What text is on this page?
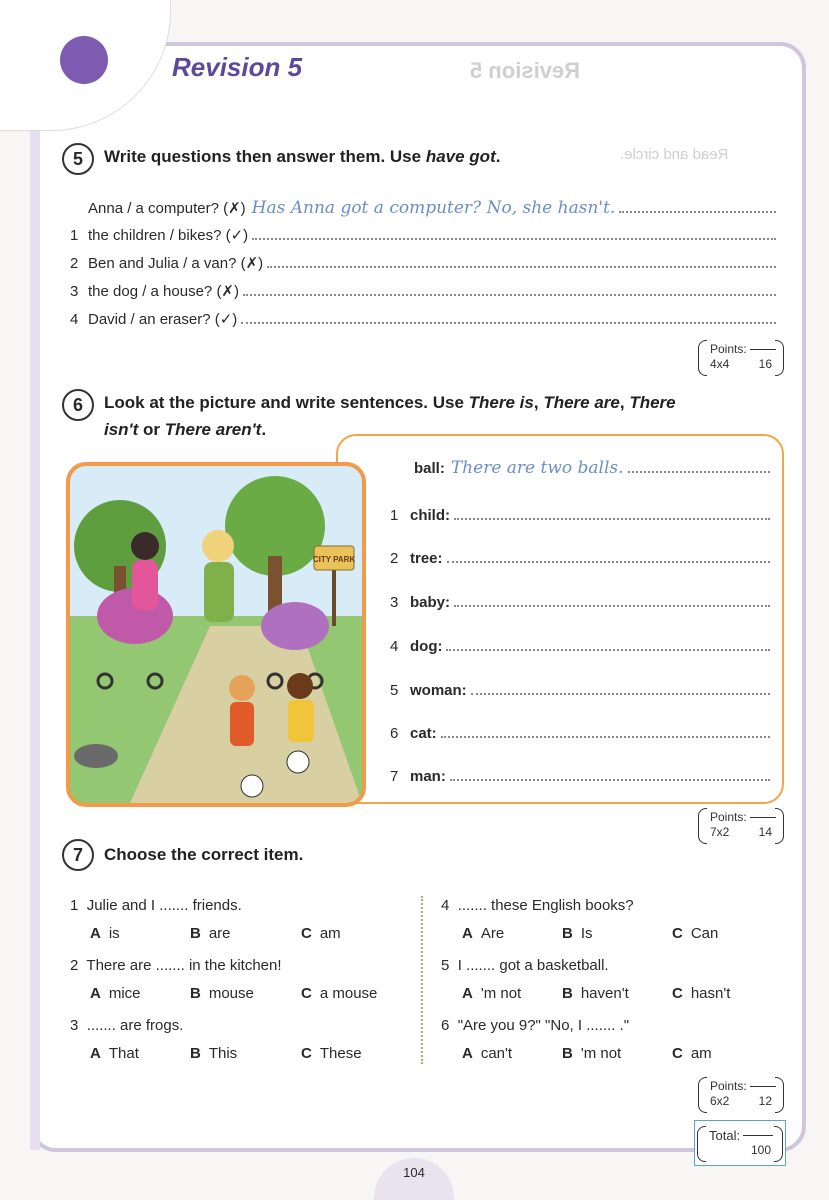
Revision 5	Revision 5
Read and circle.
5	Write questions then answer them. Use have got.
Anna / a computer? (✗) Has Anna got a computer? No, she hasn't.
1 the children / bikes? (✓)
2 Ben and Julia / a van? (✗)
3 the dog / a house? (✗)
4 David / an eraser? (✓)
Points:
4x4 16
6	Look at the picture and write sentences. Use There is, There are, There
isn't or There aren't.
ball: There are two balls.
1 child:
2 tree:
3 baby:
4 dog:
5 woman:
6 cat:
7 man:
CITY PARK
Points:
7x2 14
7	Choose the correct item.
1 Julie and I ....... friends.
A is	B are	C am
2 There are ....... in the kitchen!
A mice	B mouse	C a mouse
3 ....... are frogs.
A That	B This	C These
4 ....... these English books?
A Are	B Is	C Can
5 I ....... got a basketball.
A 'm not	B haven't	C hasn't
6 "Are you 9?" "No, I ....... ."
A can't	B 'm not	C am
Points:
6x2 12
Total:
100
104
